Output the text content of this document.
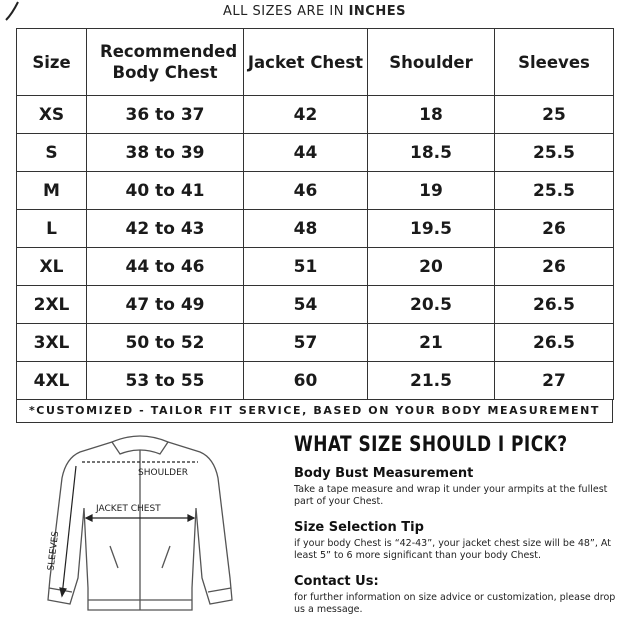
ALL SIZES ARE IN INCHES
Size	Recommended Body Chest	Jacket Chest	Shoulder	Sleeves
XS	36 to 37	42	18	25
S	38 to 39	44	18.5	25.5
M	40 to 41	46	19	25.5
L	42 to 43	48	19.5	26
XL	44 to 46	51	20	26
2XL	47 to 49	54	20.5	26.5
3XL	50 to 52	57	21	26.5
4XL	53 to 55	60	21.5	27
*CUSTOMIZED - TAILOR FIT SERVICE, BASED ON YOUR BODY MEASUREMENT
SHOULDER
JACKET CHEST
SLEEVES
WHAT SIZE SHOULD I PICK?

Body Bust Measurement

Take a tape measure and wrap it under your armpits at the fullest part of your Chest.

Size Selection Tip

if your body Chest is “42-43”, your jacket chest size will be 48”, At least 5” to 6 more significant than your body Chest.

Contact Us:

for further information on size advice or customization, please drop us a message.
